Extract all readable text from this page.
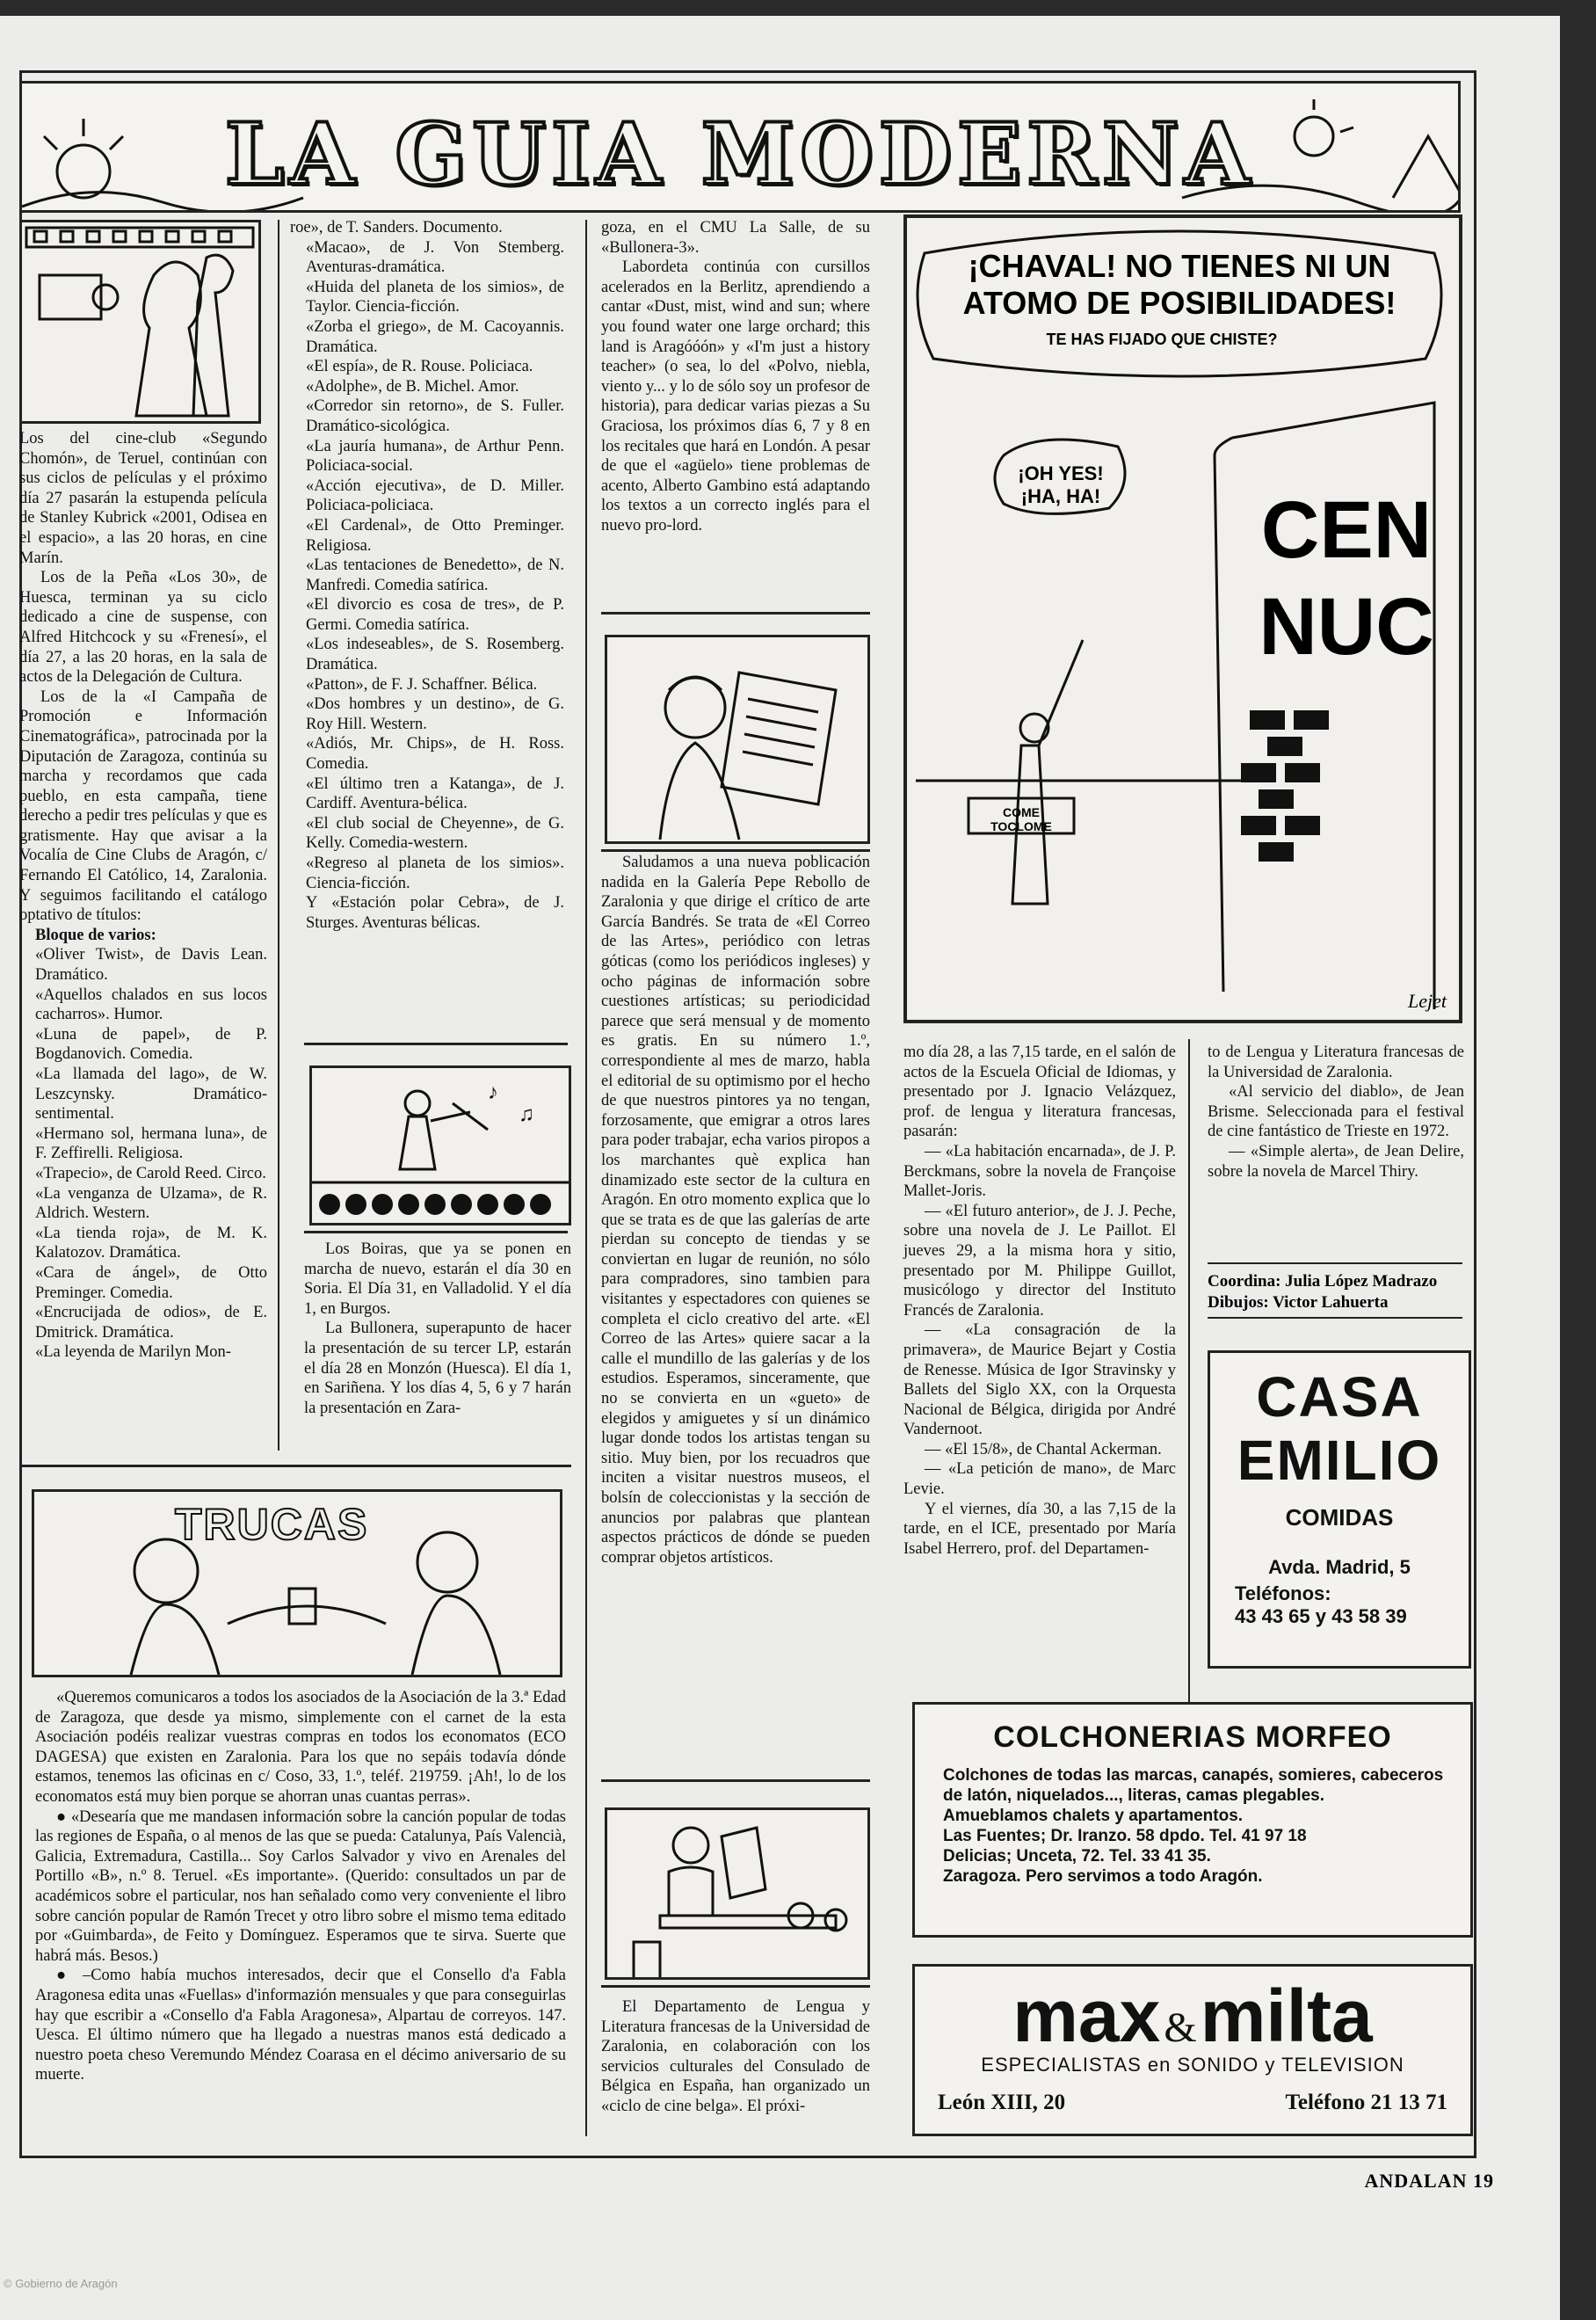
LA GUIA MODERNA

Los del cine-club «Segundo Chomón», de Teruel, continúan con sus ciclos de películas y el próximo día 27 pasarán la estupenda película de Stanley Kubrick «2001, Odisea en el espacio», a las 20 horas, en cine Marín.

Los de la Peña «Los 30», de Huesca, terminan ya su ciclo dedicado a cine de suspense, con Alfred Hitchcock y su «Frenesí», el día 27, a las 20 horas, en la sala de actos de la Delegación de Cultura.

Los de la «I Campaña de Promoción e Información Cinematográfica», patrocinada por la Diputación de Zaragoza, continúa su marcha y recordamos que cada pueblo, en esta campaña, tiene derecho a pedir tres películas y que es gratismente. Hay que avisar a la Vocalía de Cine Clubs de Aragón, c/ Fernando El Católico, 14, Zaralonia. Y seguimos facilitando el catálogo optativo de títulos:

Bloque de varios:

«Oliver Twist», de Davis Lean. Dramático.

«Aquellos chalados en sus locos cacharros». Humor.

«Luna de papel», de P. Bogdanovich. Comedia.

«La llamada del lago», de W. Leszcynsky. Dramático-sentimental.

«Hermano sol, hermana luna», de F. Zeffirelli. Religiosa.

«Trapecio», de Carold Reed. Circo.

«La venganza de Ulzama», de R. Aldrich. Western.

«La tienda roja», de M. K. Kalatozov. Dramática.

«Cara de ángel», de Otto Preminger. Comedia.

«Encrucijada de odios», de E. Dmitrick. Dramática.

«La leyenda de Marilyn Mon-

roe», de T. Sanders. Documento.

«Macao», de J. Von Stemberg. Aventuras-dramática.

«Huida del planeta de los simios», de Taylor. Ciencia-ficción.

«Zorba el griego», de M. Cacoyannis. Dramática.

«El espía», de R. Rouse. Policiaca.

«Adolphe», de B. Michel. Amor.

«Corredor sin retorno», de S. Fuller. Dramático-sicológica.

«La jauría humana», de Arthur Penn. Policiaca-social.

«Acción ejecutiva», de D. Miller. Policiaca-policiaca.

«El Cardenal», de Otto Preminger. Religiosa.

«Las tentaciones de Benedetto», de N. Manfredi. Comedia satírica.

«El divorcio es cosa de tres», de P. Germi. Comedia satírica.

«Los indeseables», de S. Rosemberg. Dramática.

«Patton», de F. J. Schaffner. Bélica.

«Dos hombres y un destino», de G. Roy Hill. Western.

«Adiós, Mr. Chips», de H. Ross. Comedia.

«El último tren a Katanga», de J. Cardiff. Aventura-bélica.

«El club social de Cheyenne», de G. Kelly. Comedia-western.

«Regreso al planeta de los simios». Ciencia-ficción.

Y «Estación polar Cebra», de J. Sturges. Aventuras bélicas.

♪
♫

Los Boiras, que ya se ponen en marcha de nuevo, estarán el día 30 en Soria. El Día 31, en Valladolid. Y el día 1, en Burgos.

La Bullonera, superapunto de hacer la presentación de su tercer LP, estarán el día 28 en Monzón (Huesca). El día 1, en Sariñena. Y los días 4, 5, 6 y 7 harán la presentación en Zara-

goza, en el CMU La Salle, de su «Bullonera-3».

Labordeta continúa con cursillos acelerados en la Berlitz, aprendiendo a cantar «Dust, mist, wind and sun; where you found water one large orchard; this land is Aragóóón» y «I'm just a history teacher» (o sea, lo del «Polvo, niebla, viento y... y lo de sólo soy un profesor de historia), para dedicar varias piezas a Su Graciosa, los próximos días 6, 7 y 8 en los recitales que hará en Londón. A pesar de que el «agüelo» tiene problemas de acento, Alberto Gambino está adaptando los textos a un correcto inglés para el nuevo pro-lord.

Saludamos a una nueva poblicación nadida en la Galería Pepe Rebollo de Zaralonia y que dirige el crítico de arte García Bandrés. Se trata de «El Correo de las Artes», periódico con letras góticas (como los periódicos ingleses) y ocho páginas de información sobre cuestiones artísticas; su periodicidad parece que será mensual y de momento es gratis. En su número 1.º, correspondiente al mes de marzo, habla el editorial de su optimismo por el hecho de que nuestros pintores ya no tengan, forzosamente, que emigrar a otros lares para poder trabajar, echa varios piropos a los marchantes què explica han dinamizado este sector de la cultura en Aragón. En otro momento explica que lo que se trata es de que las galerías de arte pierdan su concepto de tiendas y se conviertan en lugar de reunión, no sólo para compradores, sino tambien para visitantes y espectadores con quienes se completa el ciclo creativo del arte. «El Correo de las Artes» quiere sacar a la calle el mundillo de las galerías y de los estudios. Esperamos, sinceramente, que no se convierta en un «gueto» de elegidos y amiguetes y sí un dinámico lugar donde todos los artistas tengan su sitio. Muy bien, por los recuadros que inciten a visitar nuestros museos, el bolsín de coleccionistas y la sección de anuncios por palabras que plantean aspectos prácticos de dónde se pueden comprar objetos artísticos.

El Departamento de Lengua y Literatura francesas de la Universidad de Zaralonia, en colaboración con los servicios culturales del Consulado de Bélgica en España, han organizado un «ciclo de cine belga». El próxi-

¡CHAVAL! NO TIENES NI UN ATOMO DE POSIBILIDADES!
TE HAS FIJADO QUE CHISTE?
¡OH YES! ¡HA, HA! CEN NUC
COME TOCLOME
Lejet

mo día 28, a las 7,15 tarde, en el salón de actos de la Escuela Oficial de Idiomas, y presentado por J. Ignacio Velázquez, prof. de lengua y literatura francesas, pasarán:

— «La habitación encarnada», de J. P. Berckmans, sobre la novela de Françoise Mallet-Joris.

— «El futuro anterior», de J. J. Peche, sobre una novela de J. Le Paillot. El jueves 29, a la misma hora y sitio, presentado por M. Philippe Guillot, musicólogo y director del Instituto Francés de Zaralonia.

— «La consagración de la primavera», de Maurice Bejart y Costia de Renesse. Música de Igor Stravinsky y Ballets del Siglo XX, con la Orquesta Nacional de Bélgica, dirigida por André Vandernoot.

— «El 15/8», de Chantal Ackerman.

— «La petición de mano», de Marc Levie.

Y el viernes, día 30, a las 7,15 de la tarde, en el ICE, presentado por María Isabel Herrero, prof. del Departamen-

to de Lengua y Literatura francesas de la Universidad de Zaralonia.

«Al servicio del diablo», de Jean Brisme. Seleccionada para el festival de cine fantástico de Trieste en 1972.

— «Simple alerta», de Jean Delire, sobre la novela de Marcel Thiry.

Coordina: Julia López Madrazo
Dibujos: Victor Lahuerta
CASA
EMILIO
COMIDAS
Avda. Madrid, 5
Teléfonos:
43 43 65 y 43 58 39
COLCHONERIAS MORFEO
Colchones de todas las marcas, canapés, somieres, cabeceros de latón, niquelados..., literas, camas plegables.
Amueblamos chalets y apartamentos.
Las Fuentes; Dr. Iranzo. 58 dpdo. Tel. 41 97 18
Delicias; Unceta, 72. Tel. 33 41 35.
Zaragoza. Pero servimos a todo Aragón.
max & milta
ESPECIALISTAS en SONIDO y TELEVISION
León XIII, 20	Teléfono 21 13 71
TRUCAS

«Queremos comunicaros a todos los asociados de la Asociación de la 3.ª Edad de Zaragoza, que desde ya mismo, simplemente con el carnet de la esta Asociación podéis realizar vuestras compras en todos los economatos (ECO DAGESA) que existen en Zaralonia. Para los que no sepáis todavía dónde estamos, tenemos las oficinas en c/ Coso, 33, 1.º, teléf. 219759. ¡Ah!, lo de los economatos está muy bien porque se ahorran unas cuantas perras».

● «Desearía que me mandasen información sobre la canción popular de todas las regiones de España, o al menos de las que se pueda: Catalunya, País Valencià, Galicia, Extremadura, Castilla... Soy Carlos Salvador y vivo en Arenales del Portillo «B», n.º 8. Teruel. «Es importante». (Querido: consultados un par de académicos sobre el particular, nos han señalado como very conveniente el libro sobre canción popular de Ramón Trecet y otro libro sobre el mismo tema editado por «Guimbarda», de Feito y Domínguez. Esperamos que te sirva. Suerte que habrá más. Besos.)

● –Como había muchos interesados, decir que el Consello d'a Fabla Aragonesa edita unas «Fuellas» d'informazión mensuales y que para conseguirlas hay que escribir a «Consello d'a Fabla Aragonesa», Alpartau de correyos. 147. Uesca. El último número que ha llegado a nuestras manos está dedicado a nuestro poeta cheso Veremundo Méndez Coarasa en el décimo aniversario de su muerte.

ANDALAN 19
© Gobierno de Aragón
